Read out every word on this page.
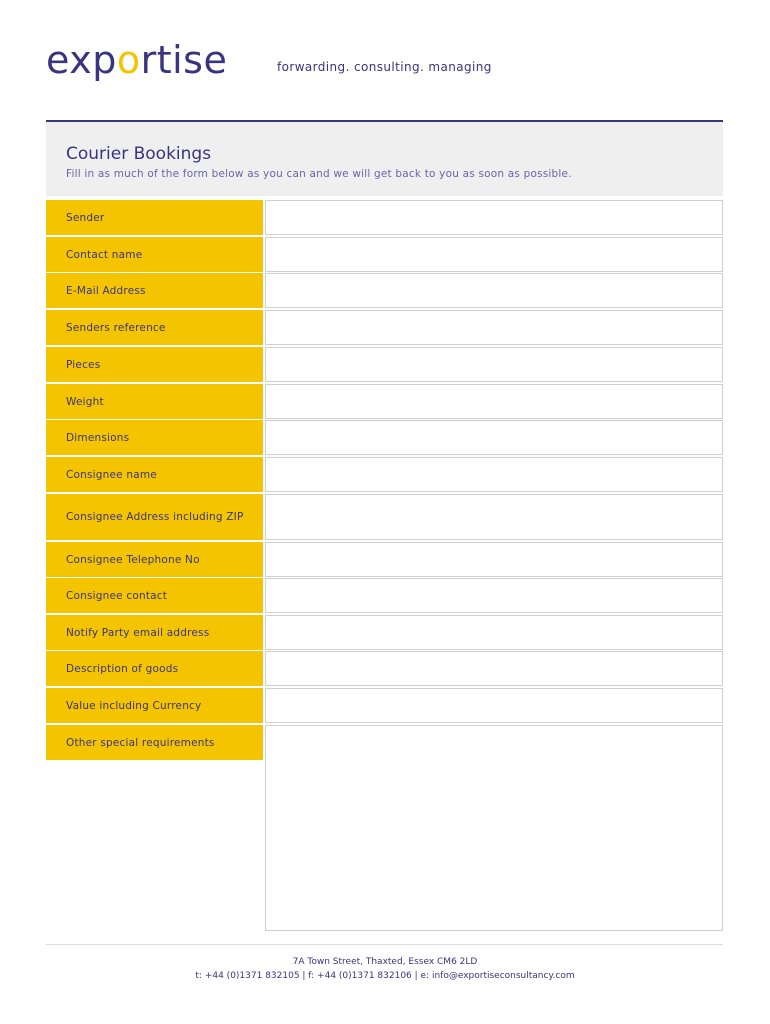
exportise	forwarding. consulting. managing
Courier Bookings
Fill in as much of the form below as you can and we will get back to you as soon as possible.
Sender
Contact name
E-Mail Address
Senders reference
Pieces
Weight
Dimensions
Consignee name
Consignee Address including ZIP
Consignee Telephone No
Consignee contact
Notify Party email address
Description of goods
Value including Currency
Other special requirements
7A Town Street, Thaxted, Essex CM6 2LD
t: +44 (0)1371 832105 | f: +44 (0)1371 832106 | e: info@exportiseconsultancy.com
